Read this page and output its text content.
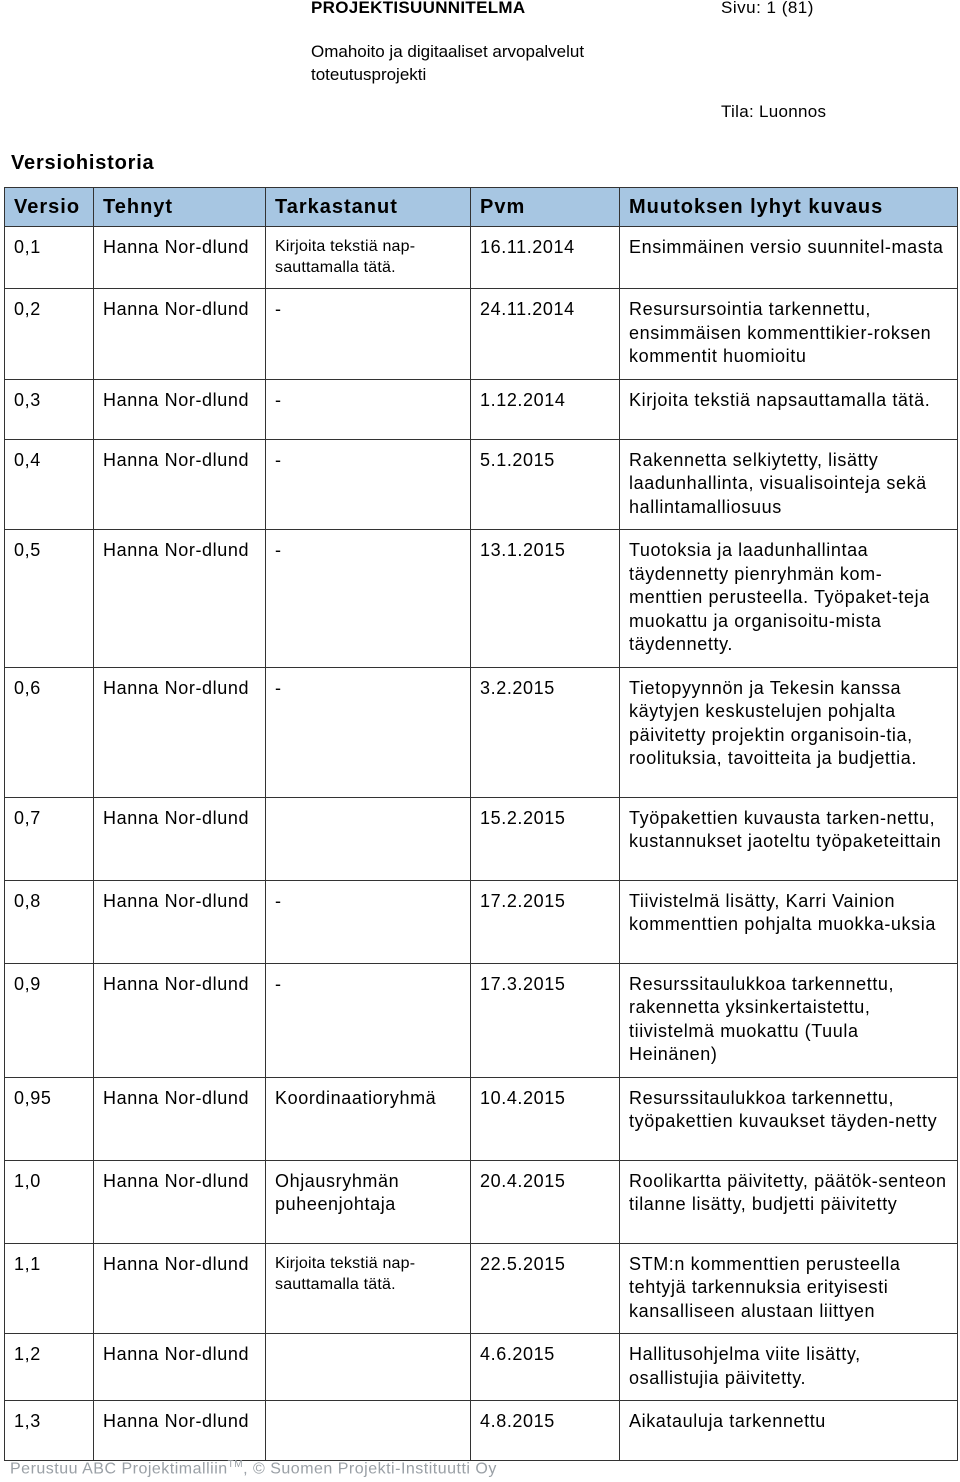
PROJEKTISUUNNITELMA	Sivu: 1 (81)
Omahoito ja digitaaliset arvopalvelut toteutusprojekti
Tila: Luonnos
Versiohistoria
Versio	Tehnyt	Tarkastanut	Pvm	Muutoksen lyhyt kuvaus
0,1	Hanna Nor-dlund	Kirjoita tekstiä nap-sauttamalla tätä.	16.11.2014	Ensimmäinen versio suunnitel-masta
0,2	Hanna Nor-dlund	-	24.11.2014	Resursursointia tarkennettu, ensimmäisen kommenttikier-roksen kommentit huomioitu
0,3	Hanna Nor-dlund	-	1.12.2014	Kirjoita tekstiä napsauttamalla tätä.
0,4	Hanna Nor-dlund	-	5.1.2015	Rakennetta selkiytetty, lisätty laadunhallinta, visualisointeja sekä hallintamalliosuus
0,5	Hanna Nor-dlund	-	13.1.2015	Tuotoksia ja laadunhallintaa täydennetty pienryhmän kom-menttien perusteella. Työpaket-teja muokattu ja organisoitu-mista täydennetty.
0,6	Hanna Nor-dlund	-	3.2.2015	Tietopyynnön ja Tekesin kanssa käytyjen keskustelujen pohjalta päivitetty projektin organisoin-tia, roolituksia, tavoitteita ja budjettia.
0,7	Hanna Nor-dlund		15.2.2015	Työpakettien kuvausta tarken-nettu, kustannukset jaoteltu työpaketeittain
0,8	Hanna Nor-dlund	-	17.2.2015	Tiivistelmä lisätty, Karri Vainion kommenttien pohjalta muokka-uksia
0,9	Hanna Nor-dlund	-	17.3.2015	Resurssitaulukkoa tarkennettu, rakennetta yksinkertaistettu, tiivistelmä muokattu (Tuula Heinänen)
0,95	Hanna Nor-dlund	Koordinaatioryhmä	10.4.2015	Resurssitaulukkoa tarkennettu, työpakettien kuvaukset täyden-netty
1,0	Hanna Nor-dlund	Ohjausryhmän puheenjohtaja	20.4.2015	Roolikartta päivitetty, päätök-senteon tilanne lisätty, budjetti päivitetty
1,1	Hanna Nor-dlund	Kirjoita tekstiä nap-sauttamalla tätä.	22.5.2015	STM:n kommenttien perusteella tehtyjä tarkennuksia erityisesti kansalliseen alustaan liittyen
1,2	Hanna Nor-dlund		4.6.2015	Hallitusohjelma viite lisätty, osallistujia päivitetty.
1,3	Hanna Nor-dlund		4.8.2015	Aikatauluja tarkennettu
Perustuu ABC Projektimalliin™, © Suomen Projekti-Instituutti Oy
